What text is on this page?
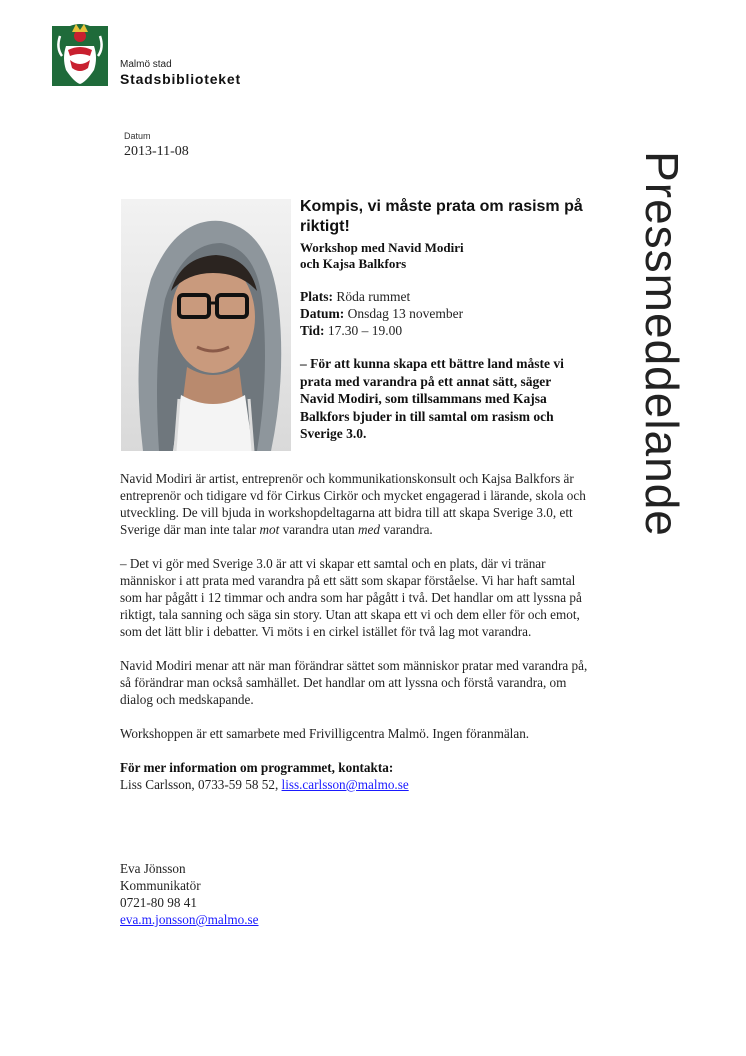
Malmö stad
Stadsbiblioteket
Datum
2013-11-08	Pressmeddelande
Kompis, vi måste prata om rasism på riktigt!

Workshop med Navid Modiri
och Kajsa Balkfors

Plats: Röda rummet
Datum: Onsdag 13 november
Tid: 17.30 – 19.00
– För att kunna skapa ett bättre land måste vi prata med varandra på ett annat sätt, säger Navid Modiri, som tillsammans med Kajsa Balkfors bjuder in till samtal om rasism och Sverige 3.0.

Navid Modiri är artist, entreprenör och kommunikationskonsult och Kajsa Balkfors är entreprenör och tidigare vd för Cirkus Cirkör och mycket engagerad i lärande, skola och utveckling. De vill bjuda in workshopdeltagarna att bidra till att skapa Sverige 3.0, ett Sverige där man inte talar mot varandra utan med varandra.

– Det vi gör med Sverige 3.0 är att vi skapar ett samtal och en plats, där vi tränar människor i att prata med varandra på ett sätt som skapar förståelse. Vi har haft samtal som har pågått i 12 timmar och andra som har pågått i två. Det handlar om att lyssna på riktigt, tala sanning och säga sin story. Utan att skapa ett vi och dem eller för och emot, som det lätt blir i debatter. Vi möts i en cirkel istället för två lag mot varandra.

Navid Modiri menar att när man förändrar sättet som människor pratar med varandra på, så förändrar man också samhället. Det handlar om att lyssna och förstå varandra, om dialog och medskapande.

Workshoppen är ett samarbete med Frivilligcentra Malmö. Ingen föranmälan.

För mer information om programmet, kontakta:
Liss Carlsson, 0733-59 58 52, liss.carlsson@malmo.se
Eva Jönsson
Kommunikatör
0721-80 98 41
eva.m.jonsson@malmo.se
